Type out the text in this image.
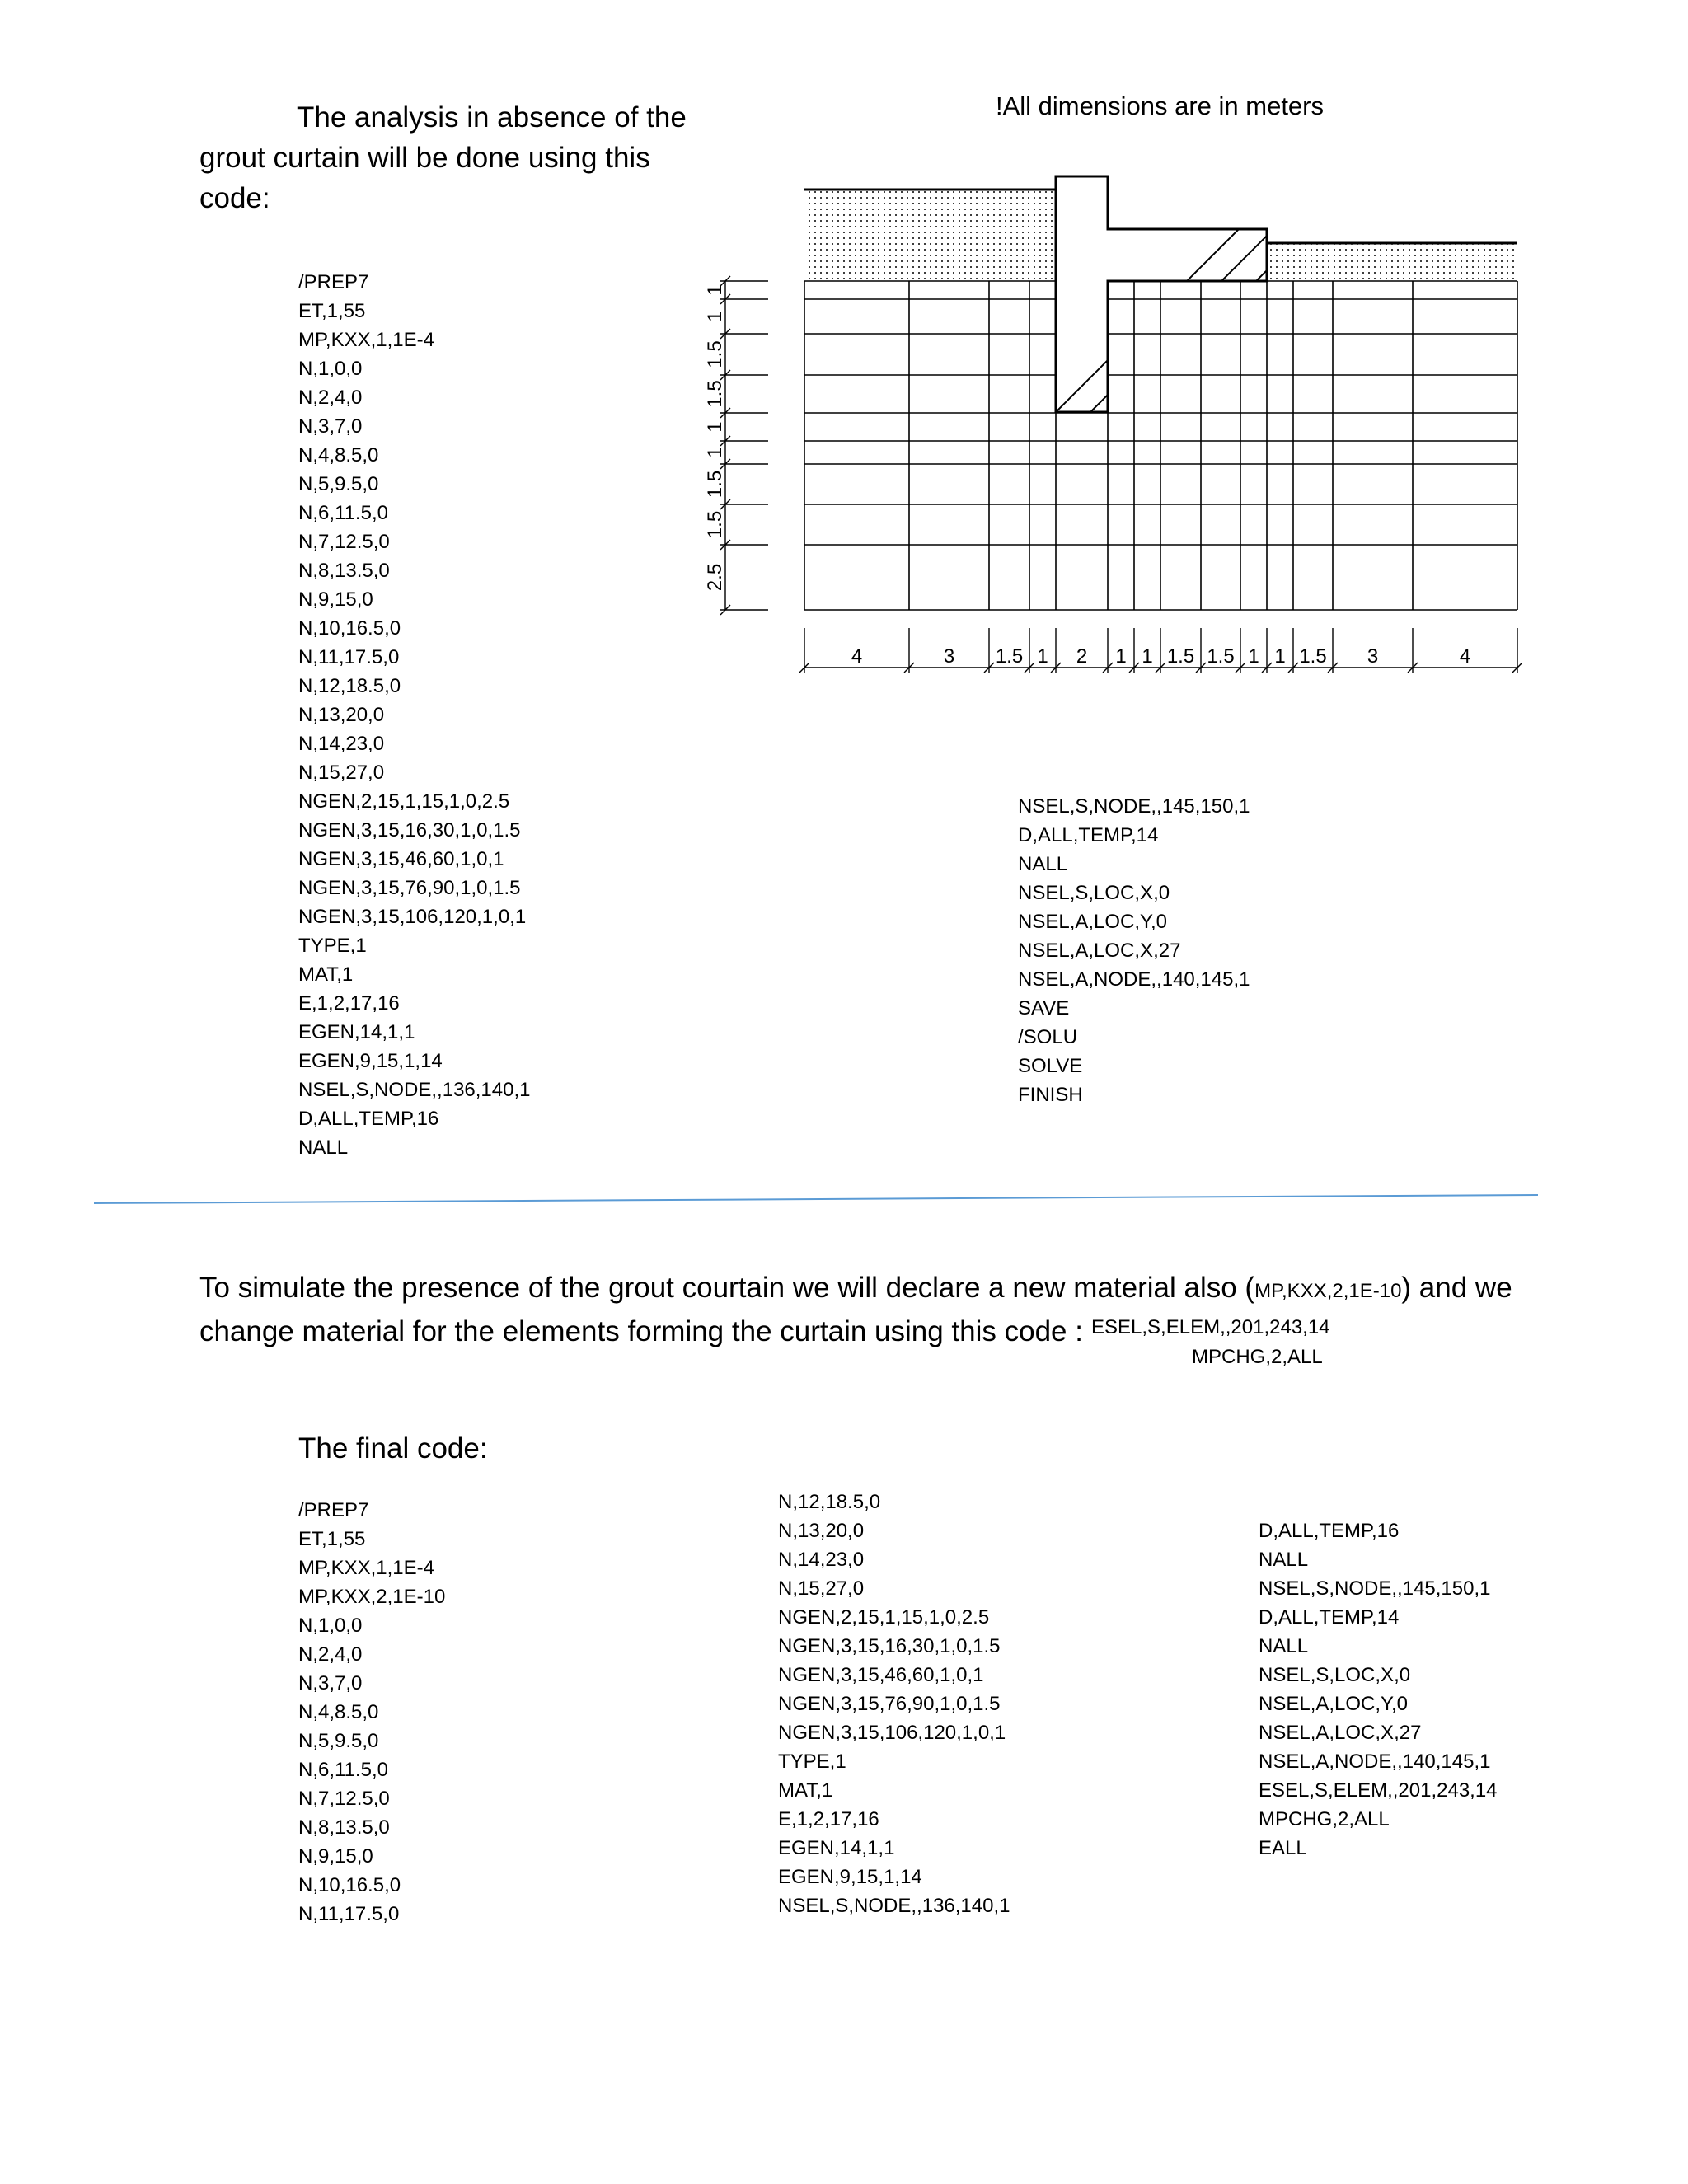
The analysis in absence of the
grout curtain will be done using this
code:
!All dimensions are in meters
4	3 1.5 1 2 1 1 1.5 1.5 1 1 1.5 3	4
1
1
1.5
1.5
1
1
1.5
1.5
2.5
/PREP7
ET,1,55
MP,KXX,1,1E-4
N,1,0,0
N,2,4,0
N,3,7,0
N,4,8.5,0
N,5,9.5,0
N,6,11.5,0
N,7,12.5,0
N,8,13.5,0
N,9,15,0
N,10,16.5,0
N,11,17.5,0
N,12,18.5,0
N,13,20,0
N,14,23,0
N,15,27,0
NGEN,2,15,1,15,1,0,2.5
NGEN,3,15,16,30,1,0,1.5
NGEN,3,15,46,60,1,0,1
NGEN,3,15,76,90,1,0,1.5
NGEN,3,15,106,120,1,0,1
TYPE,1
MAT,1
E,1,2,17,16
EGEN,14,1,1
EGEN,9,15,1,14
NSEL,S,NODE,,136,140,1
D,ALL,TEMP,16
NALL
NSEL,S,NODE,,145,150,1
D,ALL,TEMP,14
NALL
NSEL,S,LOC,X,0
NSEL,A,LOC,Y,0
NSEL,A,LOC,X,27
NSEL,A,NODE,,140,145,1
SAVE
/SOLU
SOLVE
FINISH
To simulate the presence of the grout courtain we will declare a new material also (MP,KXX,2,1E-10) and we
change material for the elements forming the curtain using this code : ESEL,S,ELEM,,201,243,14
MPCHG,2,ALL
The final code:
/PREP7
ET,1,55
MP,KXX,1,1E-4
MP,KXX,2,1E-10
N,1,0,0
N,2,4,0
N,3,7,0
N,4,8.5,0
N,5,9.5,0
N,6,11.5,0
N,7,12.5,0
N,8,13.5,0
N,9,15,0
N,10,16.5,0
N,11,17.5,0
N,12,18.5,0
N,13,20,0
N,14,23,0
N,15,27,0
NGEN,2,15,1,15,1,0,2.5
NGEN,3,15,16,30,1,0,1.5
NGEN,3,15,46,60,1,0,1
NGEN,3,15,76,90,1,0,1.5
NGEN,3,15,106,120,1,0,1
TYPE,1
MAT,1
E,1,2,17,16
EGEN,14,1,1
EGEN,9,15,1,14
NSEL,S,NODE,,136,140,1
D,ALL,TEMP,16
NALL
NSEL,S,NODE,,145,150,1
D,ALL,TEMP,14
NALL
NSEL,S,LOC,X,0
NSEL,A,LOC,Y,0
NSEL,A,LOC,X,27
NSEL,A,NODE,,140,145,1
ESEL,S,ELEM,,201,243,14
MPCHG,2,ALL
EALL
